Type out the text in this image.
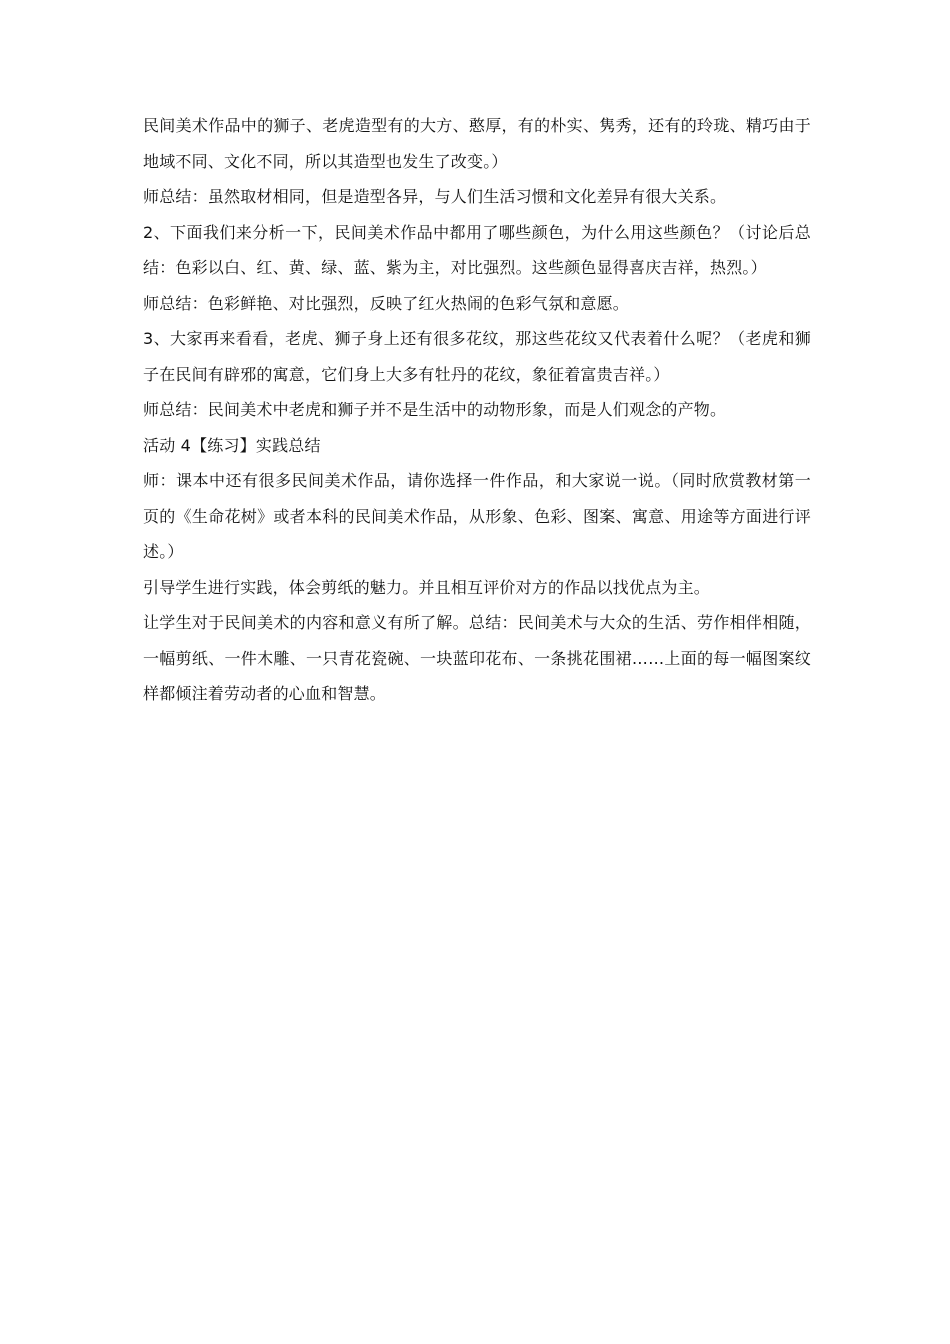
民间美术作品中的狮子、老虎造型有的大方、憨厚，有的朴实、隽秀，还有的玲珑、精巧由于地域不同、文化不同，所以其造型也发生了改变。）

师总结：虽然取材相同，但是造型各异，与人们生活习惯和文化差异有很大关系。

2、下面我们来分析一下，民间美术作品中都用了哪些颜色，为什么用这些颜色？（讨论后总结：色彩以白、红、黄、绿、蓝、紫为主，对比强烈。这些颜色显得喜庆吉祥，热烈。）

师总结：色彩鲜艳、对比强烈，反映了红火热闹的色彩气氛和意愿。

3、大家再来看看，老虎、狮子身上还有很多花纹，那这些花纹又代表着什么呢？（老虎和狮子在民间有辟邪的寓意，它们身上大多有牡丹的花纹，象征着富贵吉祥。）

师总结：民间美术中老虎和狮子并不是生活中的动物形象，而是人们观念的产物。

活动 4【练习】实践总结

师：课本中还有很多民间美术作品，请你选择一件作品，和大家说一说。（同时欣赏教材第一页的《生命花树》或者本科的民间美术作品，从形象、色彩、图案、寓意、用途等方面进行评述。）

引导学生进行实践，体会剪纸的魅力。并且相互评价对方的作品以找优点为主。

让学生对于民间美术的内容和意义有所了解。总结：民间美术与大众的生活、劳作相伴相随，一幅剪纸、一件木雕、一只青花瓷碗、一块蓝印花布、一条挑花围裙……上面的每一幅图案纹样都倾注着劳动者的心血和智慧。
